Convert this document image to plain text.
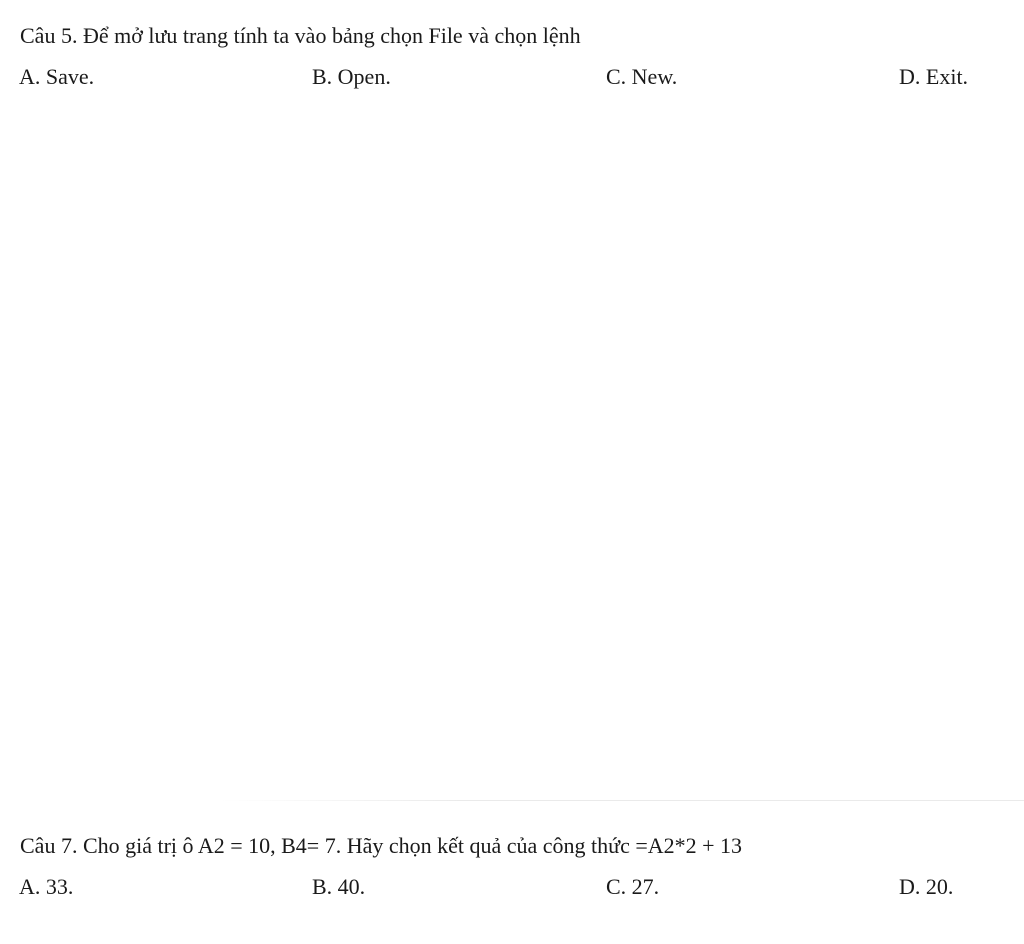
Câu 5. Để mở lưu trang tính ta vào bảng chọn File và chọn lệnh
A. Save.	B. Open.	C. New.	D. Exit.
Câu 7. Cho giá trị ô A2 = 10, B4= 7. Hãy chọn kết quả của công thức =A2*2 + 13
A. 33.	B. 40.	C. 27.	D. 20.
